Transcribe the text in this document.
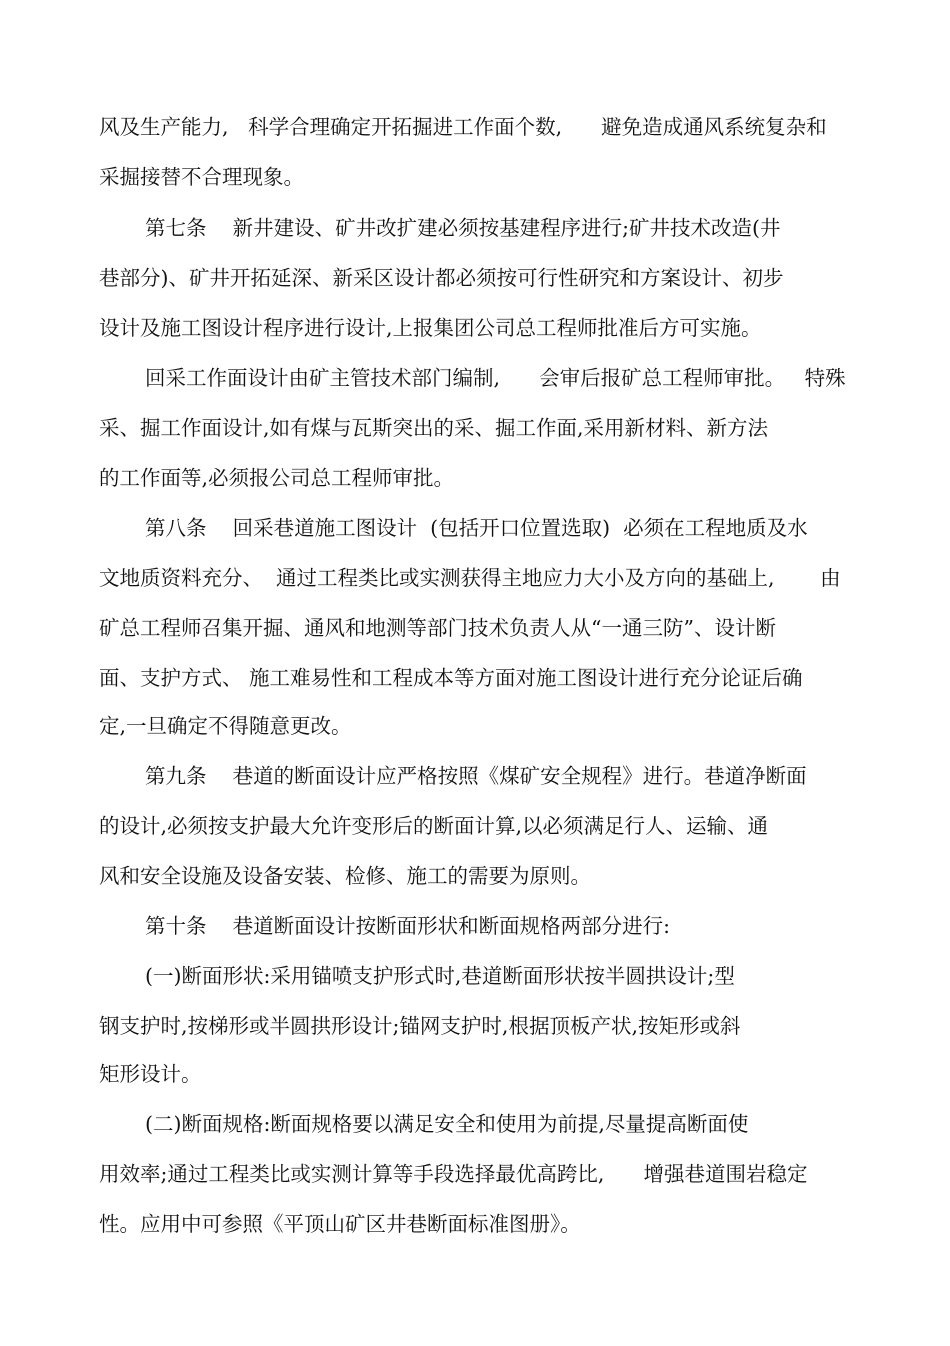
风及生产能力,   科学合理确定开拓掘进工作面个数,      避免造成通风系统复杂和
采掘接替不合理现象。
第七条    新井建设、矿井改扩建必须按基建程序进行;矿井技术改造(井
巷部分)、矿井开拓延深、新采区设计都必须按可行性研究和方案设计、初步
设计及施工图设计程序进行设计,上报集团公司总工程师批准后方可实施。
回采工作面设计由矿主管技术部门编制,      会审后报矿总工程师审批。   特殊
采、掘工作面设计,如有煤与瓦斯突出的采、掘工作面,采用新材料、新方法
的工作面等,必须报公司总工程师审批。
第八条    回采巷道施工图设计  (包括开口位置选取)  必须在工程地质及水
文地质资料充分、  通过工程类比或实测获得主地应力大小及方向的基础上,       由
矿总工程师召集开掘、通风和地测等部门技术负责人从“一通三防”、设计断
面、支护方式、 施工难易性和工程成本等方面对施工图设计进行充分论证后确
定,一旦确定不得随意更改。
第九条    巷道的断面设计应严格按照《煤矿安全规程》进行。巷道净断面
的设计,必须按支护最大允许变形后的断面计算,以必须满足行人、运输、通
风和安全设施及设备安装、检修、施工的需要为原则。
第十条    巷道断面设计按断面形状和断面规格两部分进行:
(一)断面形状:采用锚喷支护形式时,巷道断面形状按半圆拱设计;型
钢支护时,按梯形或半圆拱形设计;锚网支护时,根据顶板产状,按矩形或斜
矩形设计。
(二)断面规格:断面规格要以满足安全和使用为前提,尽量提高断面使
用效率;通过工程类比或实测计算等手段选择最优高跨比,      增强巷道围岩稳定
性。应用中可参照《平顶山矿区井巷断面标准图册》。
